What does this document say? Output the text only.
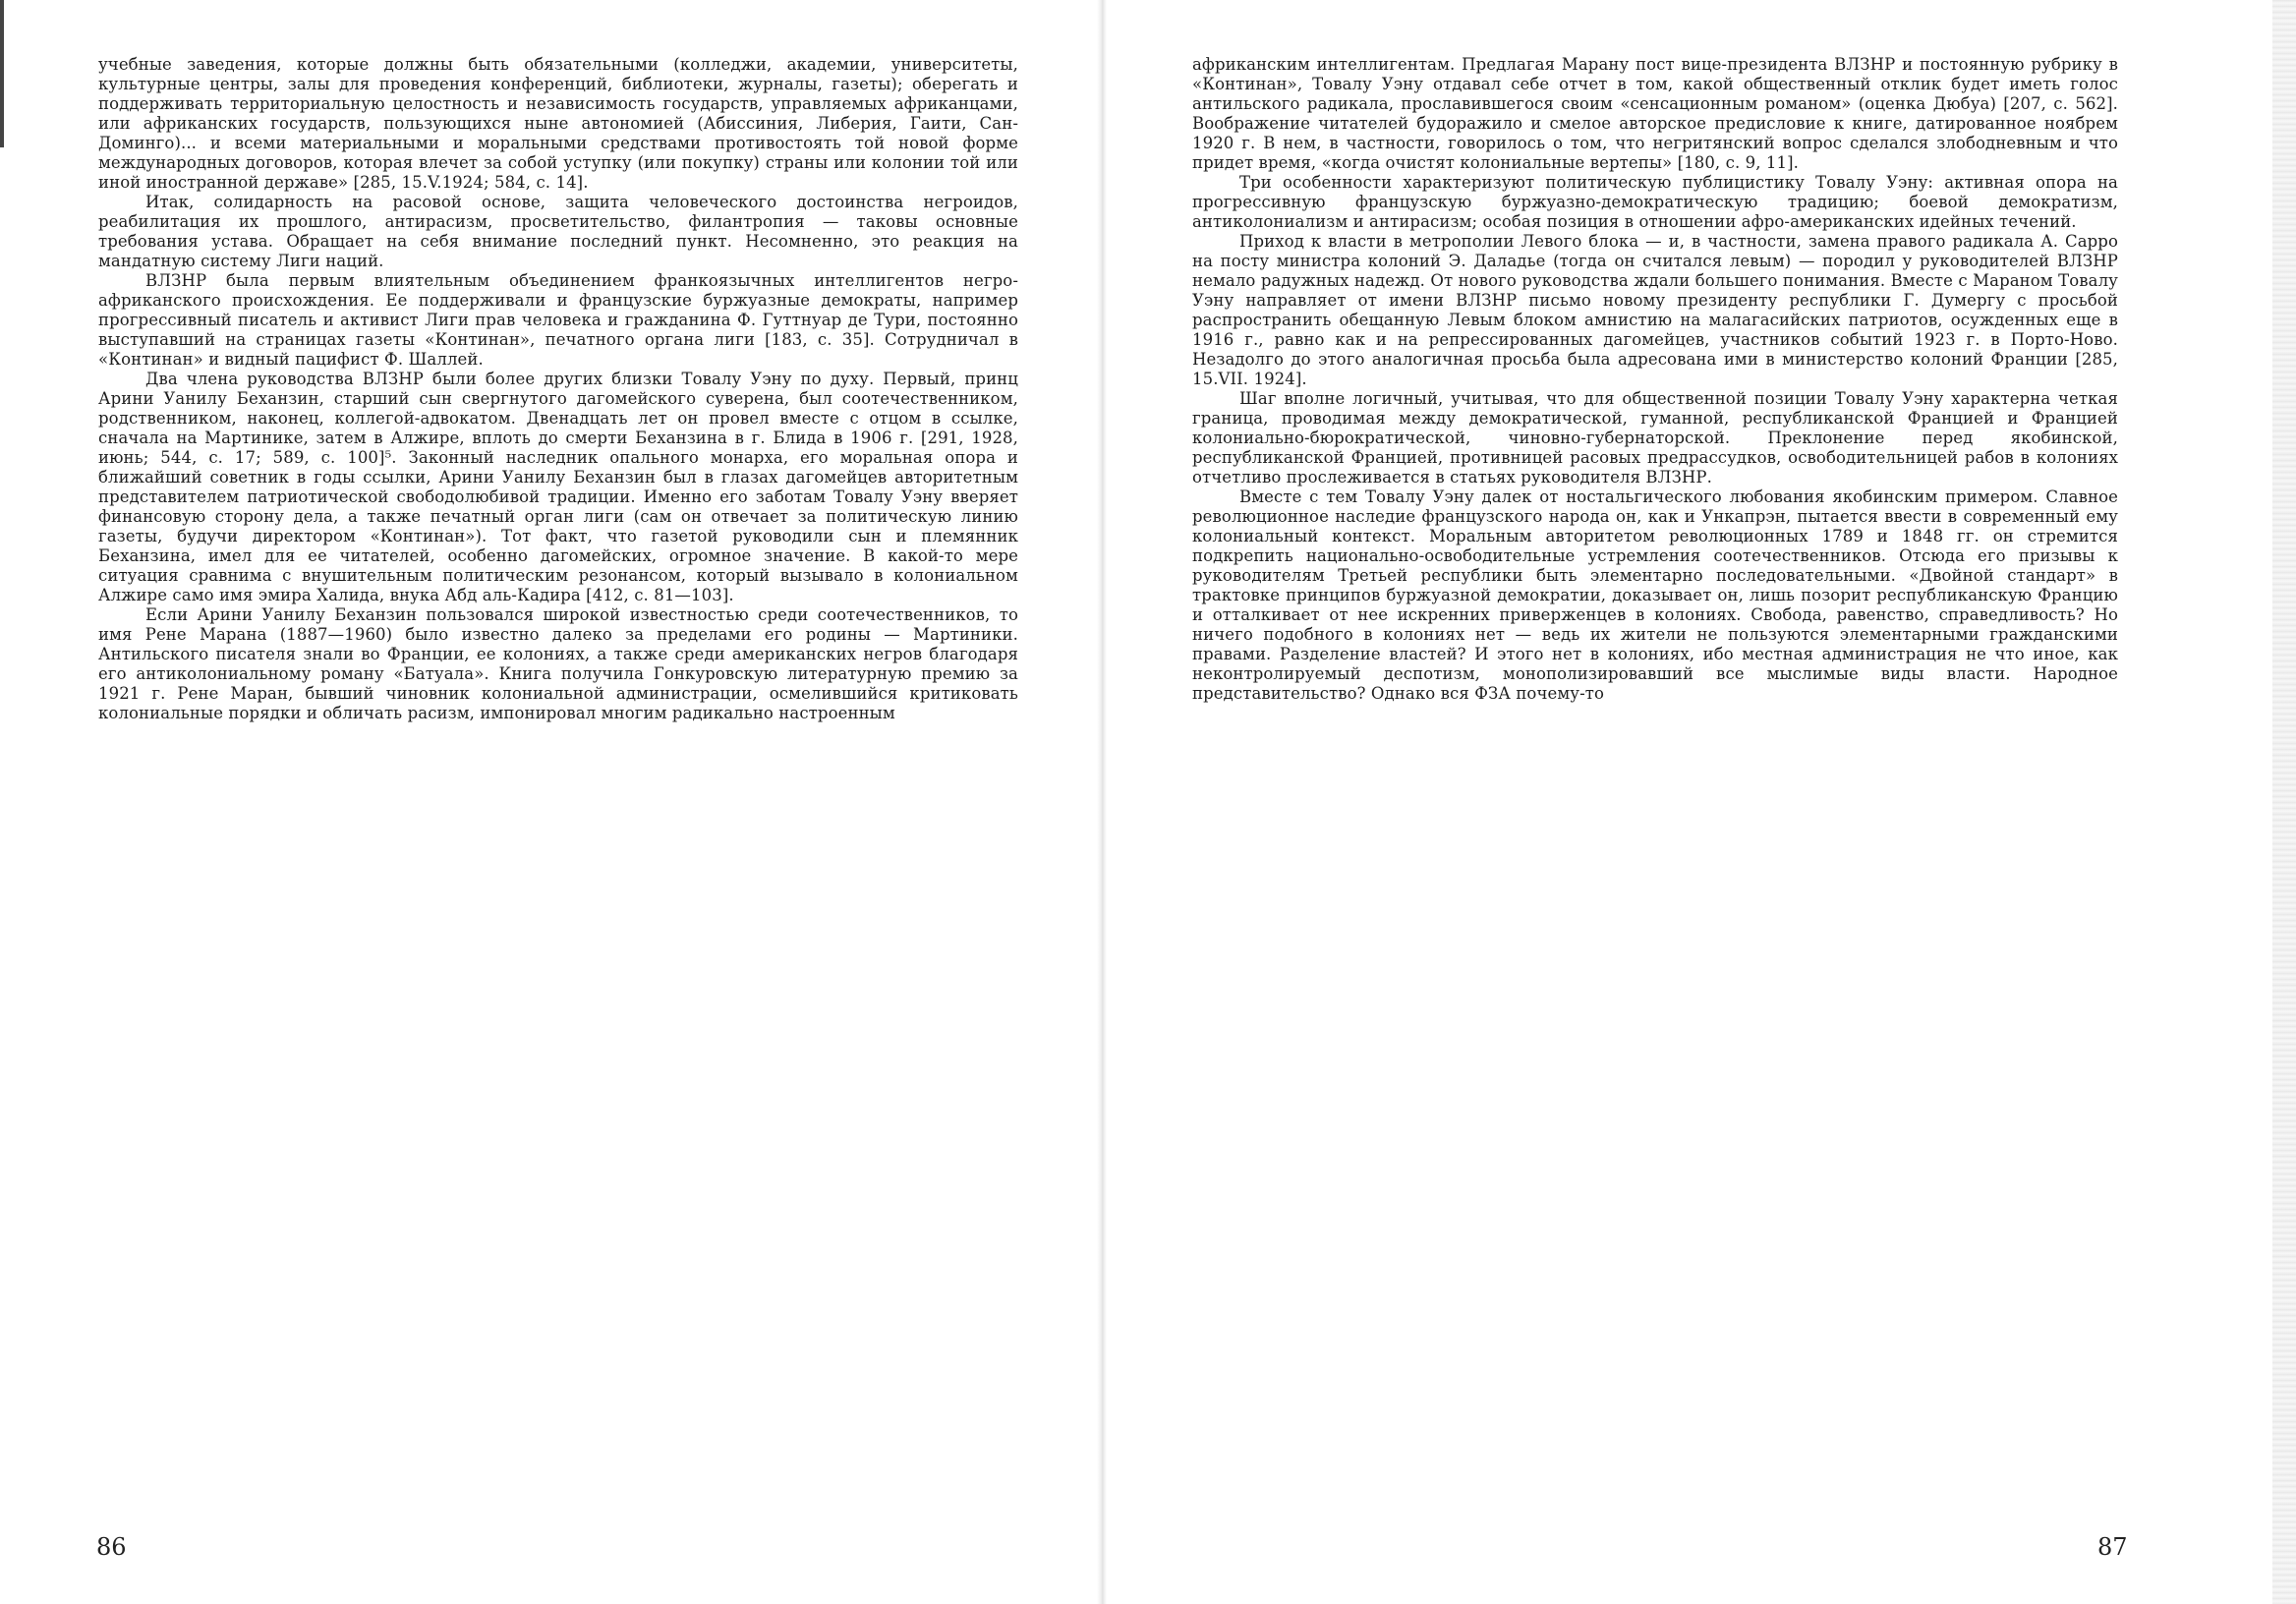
учебные заведения, которые должны быть обязательными (колледжи, академии, университеты, культурные центры, залы для проведения конференций, библиотеки, журналы, газеты); оберегать и поддерживать территориальную целостность и независимость государств, управляемых африканцами, или африканских государств, пользующихся ныне автономией (Абиссиния, Либерия, Гаити, Сан-Доминго)... и всеми материальными и моральными средствами противостоять той новой форме международных договоров, которая влечет за собой уступку (или покупку) страны или колонии той или иной иностранной державе» [285, 15.V.1924; 584, с. 14].

Итак, солидарность на расовой основе, защита человеческого достоинства негроидов, реабилитация их прошлого, антирасизм, просветительство, филантропия — таковы основные требования устава. Обращает на себя внимание последний пункт. Несомненно, это реакция на мандатную систему Лиги наций.

ВЛЗНР была первым влиятельным объединением франкоязычных интеллигентов негро-африканского происхождения. Ее поддерживали и французские буржуазные демократы, например прогрессивный писатель и активист Лиги прав человека и гражданина Ф. Гуттнуар де Тури, постоянно выступавший на страницах газеты «Континан», печатного органа лиги [183, с. 35]. Сотрудничал в «Континан» и видный пацифист Ф. Шаллей.

Два члена руководства ВЛЗНР были более других близки Товалу Уэну по духу. Первый, принц Арини Уанилу Беханзин, старший сын свергнутого дагомейского суверена, был соотечественником, родственником, наконец, коллегой-адвокатом. Двенадцать лет он провел вместе с отцом в ссылке, сначала на Мартинике, затем в Алжире, вплоть до смерти Беханзина в г. Блида в 1906 г. [291, 1928, июнь; 544, с. 17; 589, с. 100]⁵. Законный наследник опального монарха, его моральная опора и ближайший советник в годы ссылки, Арини Уанилу Беханзин был в глазах дагомейцев авторитетным представителем патриотической свободолюбивой традиции. Именно его заботам Товалу Уэну вверяет финансовую сторону дела, а также печатный орган лиги (сам он отвечает за политическую линию газеты, будучи директором «Континан»). Тот факт, что газетой руководили сын и племянник Беханзина, имел для ее читателей, особенно дагомейских, огромное значение. В какой-то мере ситуация сравнима с внушительным политическим резонансом, который вызывало в колониальном Алжире само имя эмира Халида, внука Абд аль-Кадира [412, с. 81—103].

Если Арини Уанилу Беханзин пользовался широкой известностью среди соотечественников, то имя Рене Марана (1887—1960) было известно далеко за пределами его родины — Мартиники. Антильского писателя знали во Франции, ее колониях, а также среди американских негров благодаря его антиколониальному роману «Батуала». Книга получила Гонкуровскую литературную премию за 1921 г. Рене Маран, бывший чиновник колониальной администрации, осмелившийся критиковать колониальные порядки и обличать расизм, импонировал многим радикально настроенным

86

африканским интеллигентам. Предлагая Марану пост вице-президента ВЛЗНР и постоянную рубрику в «Континан», Товалу Уэну отдавал себе отчет в том, какой общественный отклик будет иметь голос антильского радикала, прославившегося своим «сенсационным романом» (оценка Дюбуа) [207, с. 562]. Воображение читателей будоражило и смелое авторское предисловие к книге, датированное ноябрем 1920 г. В нем, в частности, говорилось о том, что негритянский вопрос сделался злободневным и что придет время, «когда очистят колониальные вертепы» [180, с. 9, 11].

Три особенности характеризуют политическую публицистику Товалу Уэну: активная опора на прогрессивную французскую буржуазно-демократическую традицию; боевой демократизм, антиколониализм и антирасизм; особая позиция в отношении афро-американских идейных течений.

Приход к власти в метрополии Левого блока — и, в частности, замена правого радикала А. Сарро на посту министра колоний Э. Даладье (тогда он считался левым) — породил у руководителей ВЛЗНР немало радужных надежд. От нового руководства ждали большего понимания. Вместе с Мараном Товалу Уэну направляет от имени ВЛЗНР письмо новому президенту республики Г. Думергу с просьбой распространить обещанную Левым блоком амнистию на малагасийских патриотов, осужденных еще в 1916 г., равно как и на репрессированных дагомейцев, участников событий 1923 г. в Порто-Ново. Незадолго до этого аналогичная просьба была адресована ими в министерство колоний Франции [285, 15.VII. 1924].

Шаг вполне логичный, учитывая, что для общественной позиции Товалу Уэну характерна четкая граница, проводимая между демократической, гуманной, республиканской Францией и Францией колониально-бюрократической, чиновно-губернаторской. Преклонение перед якобинской, республиканской Францией, противницей расовых предрассудков, освободительницей рабов в колониях отчетливо прослеживается в статьях руководителя ВЛЗНР.

Вместе с тем Товалу Уэну далек от ностальгического любования якобинским примером. Славное революционное наследие французского народа он, как и Ункапрэн, пытается ввести в современный ему колониальный контекст. Моральным авторитетом революционных 1789 и 1848 гг. он стремится подкрепить национально-освободительные устремления соотечественников. Отсюда его призывы к руководителям Третьей республики быть элементарно последовательными. «Двойной стандарт» в трактовке принципов буржуазной демократии, доказывает он, лишь позорит республиканскую Францию и отталкивает от нее искренних приверженцев в колониях. Свобода, равенство, справедливость? Но ничего подобного в колониях нет — ведь их жители не пользуются элементарными гражданскими правами. Разделение властей? И этого нет в колониях, ибо местная администрация не что иное, как неконтролируемый деспотизм, монополизировавший все мыслимые виды власти. Народное представительство? Однако вся ФЗА почему-то

87
